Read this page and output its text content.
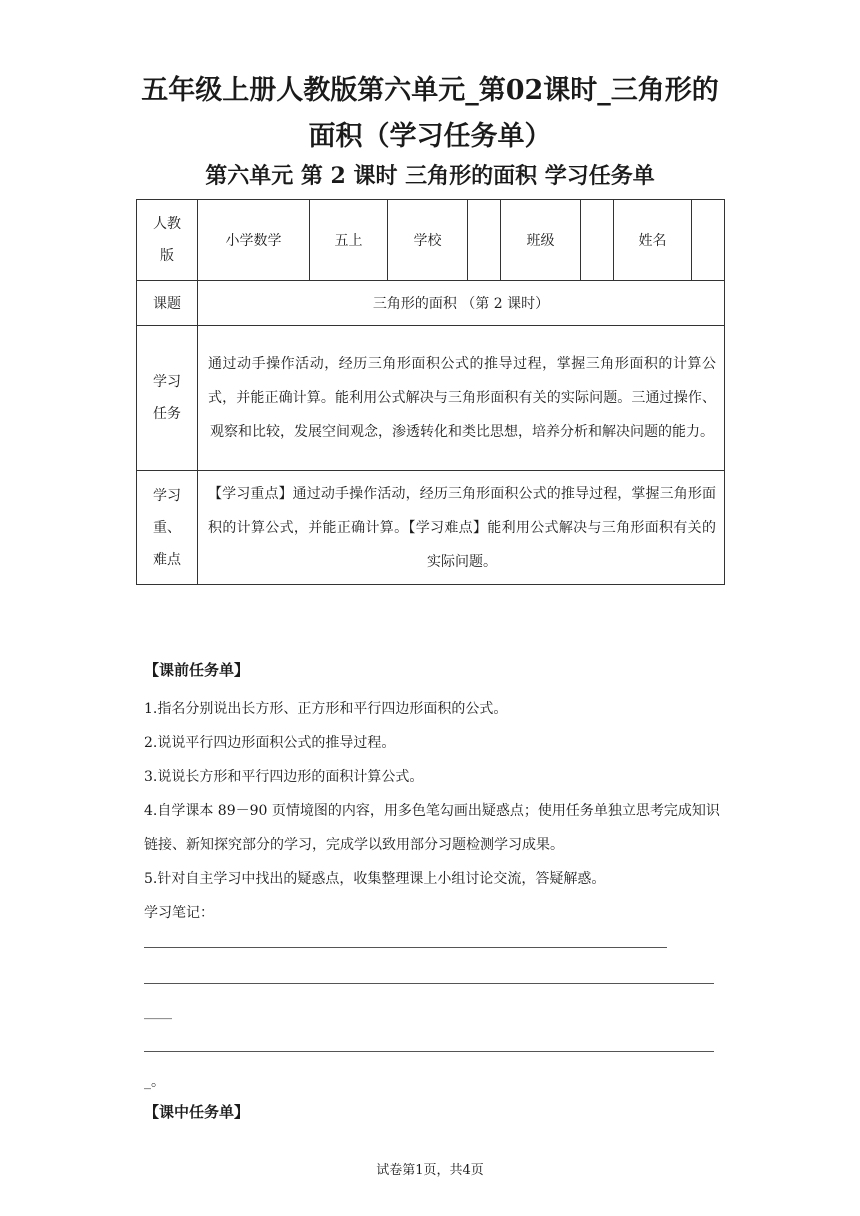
五年级上册人教版第六单元_第02课时_三角形的
面积（学习任务单）
第六单元 第 2 课时 三角形的面积 学习任务单
人教版	小学数学	五上	学校		班级		姓名	
课题	三角形的面积 （第 2 课时）							

学习任务	通过动手操作活动，经历三角形面积公式的推导过程，掌握三角形面积的计算公式，并能正确计算。能利用公式解决与三角形面积有关的实际问题。三通过操作、观察和比较，发展空间观念，渗透转化和类比思想，培养分析和解决问题的能力。							

学习重、难点	【学习重点】通过动手操作活动，经历三角形面积公式的推导过程，掌握三角形面积的计算公式，并能正确计算。【学习难点】能利用公式解决与三角形面积有关的实际问题。							
【课前任务单】
1.指名分别说出长方形、正方形和平行四边形面积的公式。
2.说说平行四边形面积公式的推导过程。
3.说说长方形和平行四边形的面积计算公式。
4.自学课本 89－90 页情境图的内容，用多色笔勾画出疑惑点；使用任务单独立思考完成知识链接、新知探究部分的学习，完成学以致用部分习题检测学习成果。
5.针对自主学习中找出的疑惑点，收集整理课上小组讨论交流，答疑解惑。
学习笔记：
____
_。
【课中任务单】
试卷第1页，共4页
